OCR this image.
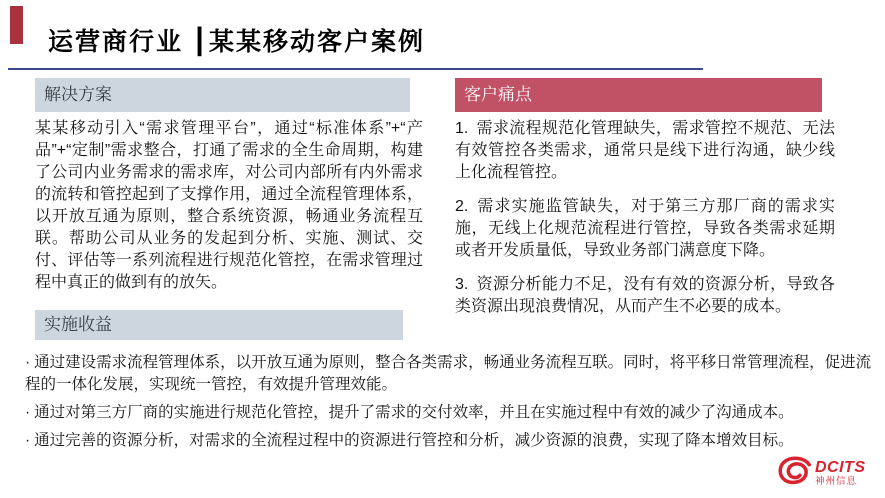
运营商行业 ┃某某移动客户案例
解决方案
某某移动引入“需求管理平台”，通过“标准体系”+“产品”+“定制”需求整合，打通了需求的全生命周期，构建了公司内业务需求的需求库，对公司内部所有内外需求的流转和管控起到了支撑作用，通过全流程管理体系，以开放互通为原则，整合系统资源，畅通业务流程互联。帮助公司从业务的发起到分析、实施、测试、交付、评估等一系列流程进行规范化管控，在需求管理过程中真正的做到有的放矢。
客户痛点
1. 需求流程规范化管理缺失，需求管控不规范、无法有效管控各类需求，通常只是线下进行沟通，缺少线上化流程管控。
2. 需求实施监管缺失，对于第三方那厂商的需求实施，无线上化规范流程进行管控，导致各类需求延期或者开发质量低，导致业务部门满意度下降。
3. 资源分析能力不足，没有有效的资源分析，导致各类资源出现浪费情况，从而产生不必要的成本。
实施收益
· 通过建设需求流程管理体系，以开放互通为原则，整合各类需求，畅通业务流程互联。同时，将平移日常管理流程，促进流程的一体化发展，实现统一管控，有效提升管理效能。
· 通过对第三方厂商的实施进行规范化管控，提升了需求的交付效率，并且在实施过程中有效的减少了沟通成本。
· 通过完善的资源分析，对需求的全流程过程中的资源进行管控和分析，减少资源的浪费，实现了降本增效目标。
DCITS
神州信息
